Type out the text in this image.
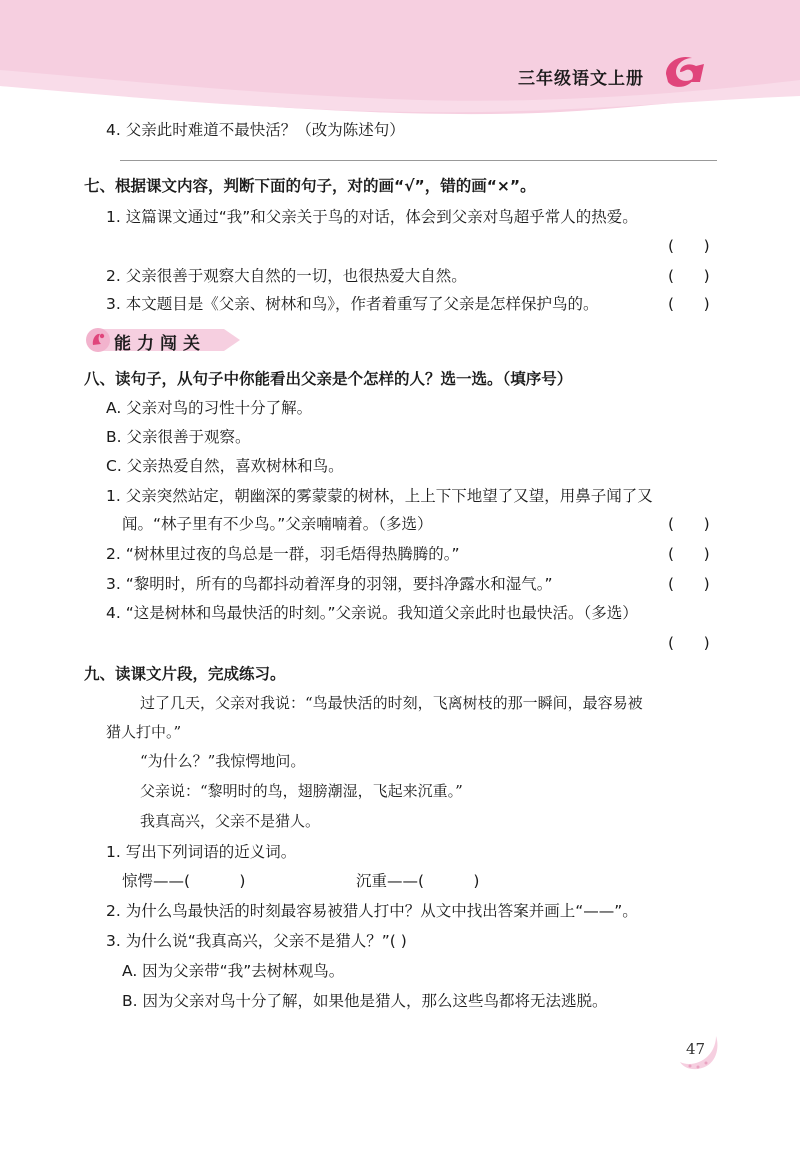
三年级语文上册
4. 父亲此时难道不最快活？（改为陈述句）
七、根据课文内容，判断下面的句子，对的画“√”，错的画“×”。
1. 这篇课文通过“我”和父亲关于鸟的对话，体会到父亲对鸟超乎常人的热爱。
(      )
2. 父亲很善于观察大自然的一切，也很热爱大自然。	(      )
3. 本文题目是《父亲、树林和鸟》，作者着重写了父亲是怎样保护鸟的。	(      )
能力闯关
八、读句子，从句子中你能看出父亲是个怎样的人？选一选。（填序号）
A. 父亲对鸟的习性十分了解。
B. 父亲很善于观察。
C. 父亲热爱自然，喜欢树林和鸟。
1. 父亲突然站定，朝幽深的雾蒙蒙的树林，上上下下地望了又望，用鼻子闻了又
闻。“林子里有不少鸟。”父亲喃喃着。（多选）	(      )
2. “树林里过夜的鸟总是一群，羽毛焐得热腾腾的。”	(      )
3. “黎明时，所有的鸟都抖动着浑身的羽翎，要抖净露水和湿气。”	(      )
4. “这是树林和鸟最快活的时刻。”父亲说。我知道父亲此时也最快活。（多选）
(      )
九、读课文片段，完成练习。
过了几天，父亲对我说：“鸟最快活的时刻，飞离树枝的那一瞬间，最容易被
猎人打中。”
“为什么？”我惊愕地问。
父亲说：“黎明时的鸟，翅膀潮湿，飞起来沉重。”
我真高兴，父亲不是猎人。
1. 写出下列词语的近义词。
惊愕——(          )	沉重——(          )
2. 为什么鸟最快活的时刻最容易被猎人打中？从文中找出答案并画上“——”。
3. 为什么说“我真高兴，父亲不是猎人？”( )
A. 因为父亲带“我”去树林观鸟。
B. 因为父亲对鸟十分了解，如果他是猎人，那么这些鸟都将无法逃脱。
47
